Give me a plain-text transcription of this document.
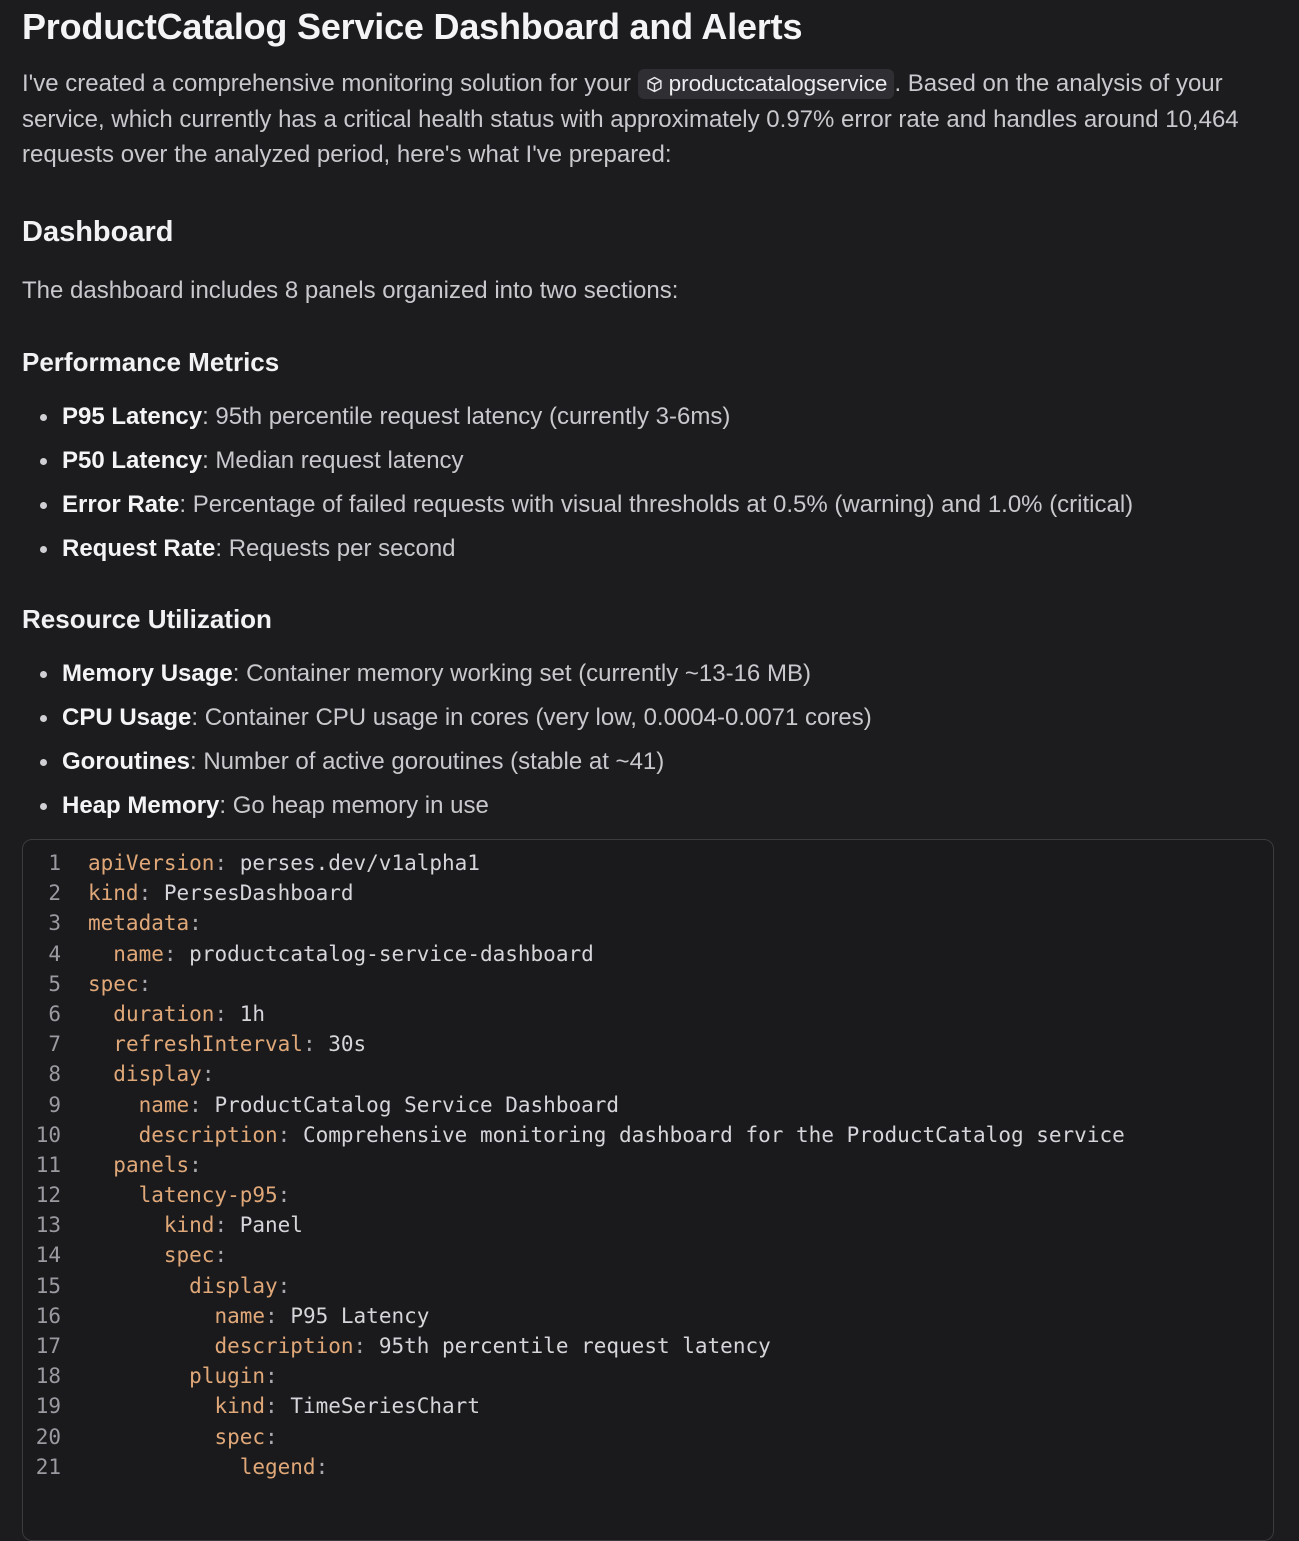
ProductCatalog Service Dashboard and Alerts

I've created a comprehensive monitoring solution for your productcatalogservice . Based on the analysis of your service, which currently has a critical health status with approximately 0.97% error rate and handles around 10,464 requests over the analyzed period, here's what I've prepared:

Dashboard

The dashboard includes 8 panels organized into two sections:

Performance Metrics
P95 Latency: 95th percentile request latency (currently 3-6ms)
P50 Latency: Median request latency
Error Rate: Percentage of failed requests with visual thresholds at 0.5% (warning) and 1.0% (critical)
Request Rate: Requests per second
Resource Utilization
Memory Usage: Container memory working set (currently ~13-16 MB)
CPU Usage: Container CPU usage in cores (very low, 0.0004-0.0071 cores)
Goroutines: Number of active goroutines (stable at ~41)
Heap Memory: Go heap memory in use
1 apiVersion: perses.dev/v1alpha1
2 kind: PersesDashboard
3 metadata:
4 name: productcatalog-service-dashboard
5 spec:
6 duration: 1h
7 refreshInterval: 30s
8 display:
9	name: ProductCatalog Service Dashboard
10	description: Comprehensive monitoring dashboard for the ProductCatalog service
11 panels:
12	latency-p95:
13	kind: Panel
14	spec:
15	display:
16	name: P95 Latency
17	description: 95th percentile request latency
18	plugin:
19	kind: TimeSeriesChart
20	spec:
21	legend:
